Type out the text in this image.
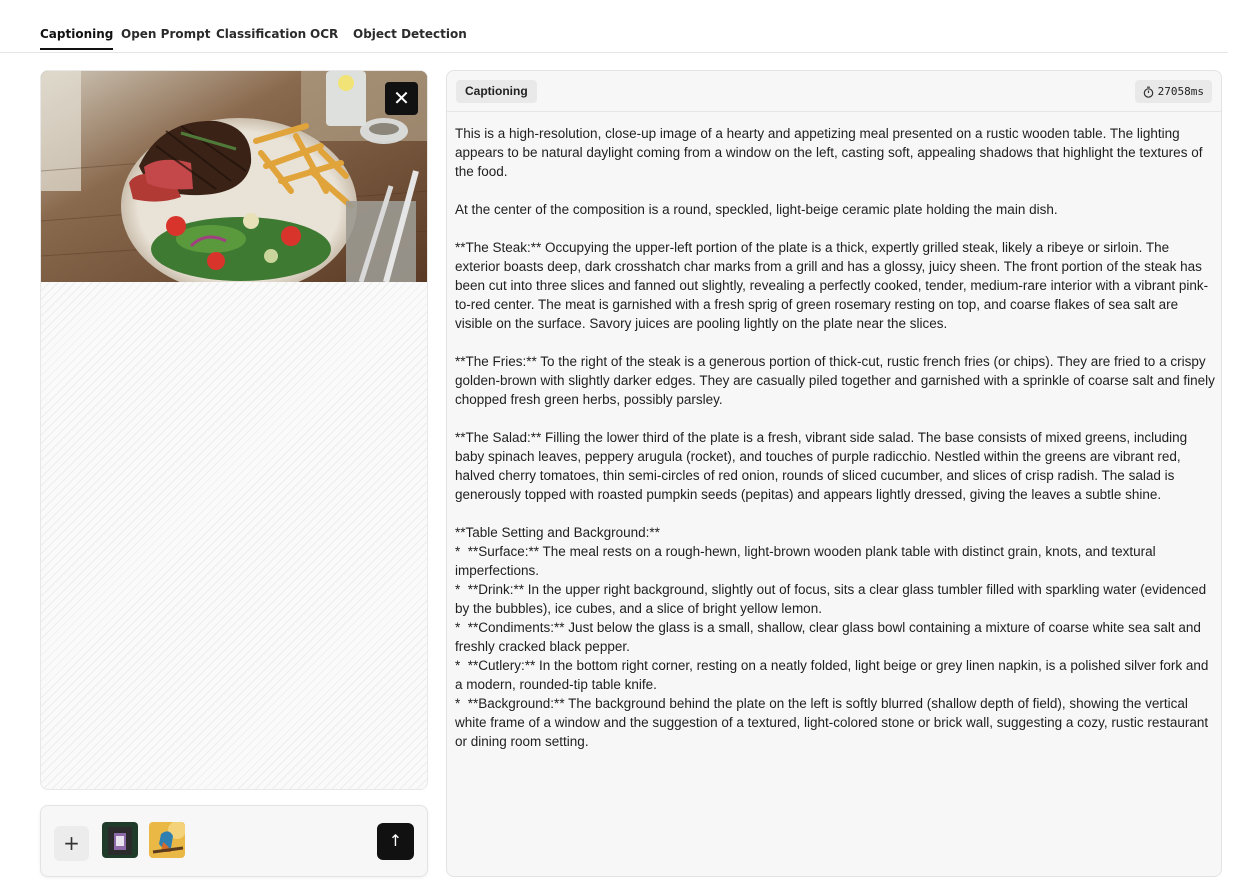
Captioning Open Prompt Classification OCR Object Detection
✕
+	↑
Captioning	27058ms

This is a high-resolution, close-up image of a hearty and appetizing meal presented on a rustic wooden table. The lighting appears to be natural daylight coming from a window on the left, casting soft, appealing shadows that highlight the textures of the food.

At the center of the composition is a round, speckled, light-beige ceramic plate holding the main dish.

**The Steak:** Occupying the upper-left portion of the plate is a thick, expertly grilled steak, likely a ribeye or sirloin. The exterior boasts deep, dark crosshatch char marks from a grill and has a glossy, juicy sheen. The front portion of the steak has been cut into three slices and fanned out slightly, revealing a perfectly cooked, tender, medium-rare interior with a vibrant pink-to-red center. The meat is garnished with a fresh sprig of green rosemary resting on top, and coarse flakes of sea salt are visible on the surface. Savory juices are pooling lightly on the plate near the slices.

**The Fries:** To the right of the steak is a generous portion of thick-cut, rustic french fries (or chips). They are fried to a crispy golden-brown with slightly darker edges. They are casually piled together and garnished with a sprinkle of coarse salt and finely chopped fresh green herbs, possibly parsley.

**The Salad:** Filling the lower third of the plate is a fresh, vibrant side salad. The base consists of mixed greens, including baby spinach leaves, peppery arugula (rocket), and touches of purple radicchio. Nestled within the greens are vibrant red, halved cherry tomatoes, thin semi-circles of red onion, rounds of sliced cucumber, and slices of crisp radish. The salad is generously topped with roasted pumpkin seeds (pepitas) and appears lightly dressed, giving the leaves a subtle shine.

**Table Setting and Background:**

*  **Surface:** The meal rests on a rough-hewn, light-brown wooden plank table with distinct grain, knots, and textural imperfections.

*  **Drink:** In the upper right background, slightly out of focus, sits a clear glass tumbler filled with sparkling water (evidenced by the bubbles), ice cubes, and a slice of bright yellow lemon.

*  **Condiments:** Just below the glass is a small, shallow, clear glass bowl containing a mixture of coarse white sea salt and freshly cracked black pepper.

*  **Cutlery:** In the bottom right corner, resting on a neatly folded, light beige or grey linen napkin, is a polished silver fork and a modern, rounded-tip table knife.

*  **Background:** The background behind the plate on the left is softly blurred (shallow depth of field), showing the vertical white frame of a window and the suggestion of a textured, light-colored stone or brick wall, suggesting a cozy, rustic restaurant or dining room setting.
